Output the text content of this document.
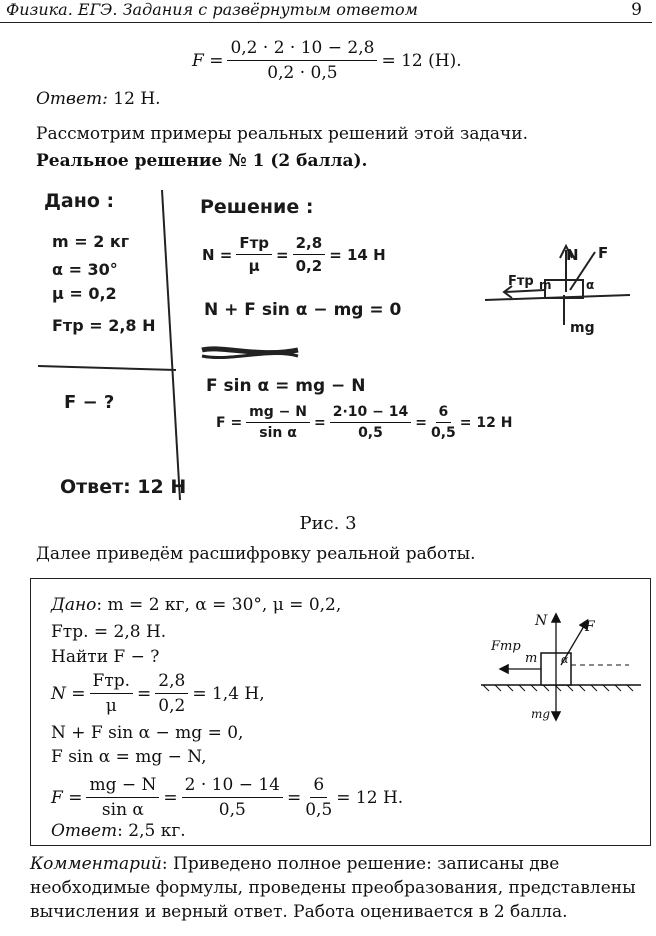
Физика. ЕГЭ. Задания с развёрнутым ответом	9
$F = \frac{0,2 \cdot 2 \cdot 10 - 2,8}{0,2 \cdot 0,5} = 12$ (Н).
Ответ: 12 Н.
Рассмотрим примеры реальных решений этой задачи.
Реальное решение № 1 (2 балла).
Дано :
m = 2 кг
α = 30°
μ = 0,2
Fтр = 2,8 Н
F − ?
Решение :
$N = \frac{\text{Fтр}}{\mu} = \frac{2,8}{0,2} = 14$ Н
N + F sin α − mg = 0
F sin α = mg − N
$F = \frac{mg - N}{\text{sin α}} = \frac{2\cdot 10 - 14}{0,5} = \frac{6}{0,5} = 12$ Н
Ответ: 12 Н
N F
Fтр m	α
mg
Рис. 3
Далее приведём расшифровку реальной работы.
Дано: m = 2 кг, α = 30°, μ = 0,2,
Fтр. = 2,8 Н.
Найти F − ?
$N = \frac{\text{Fтр.}}{\mu} = \frac{2,8}{0,2} = 1,4$ Н,
N + F sin α − mg = 0,
F sin α = mg − N,
$F = \frac{mg - N}{\text{sin α}} = \frac{2 \cdot 10 - 14}{0,5} = \frac{6}{0,5} = 12$ Н.
Ответ: 2,5 кг.
N	F
Fтр
m α
mg
Комментарий: Приведено полное решение: записаны две необходимые формулы, проведены преобразования, представлены вычисления и верный ответ. Работа оценивается в 2 балла.
